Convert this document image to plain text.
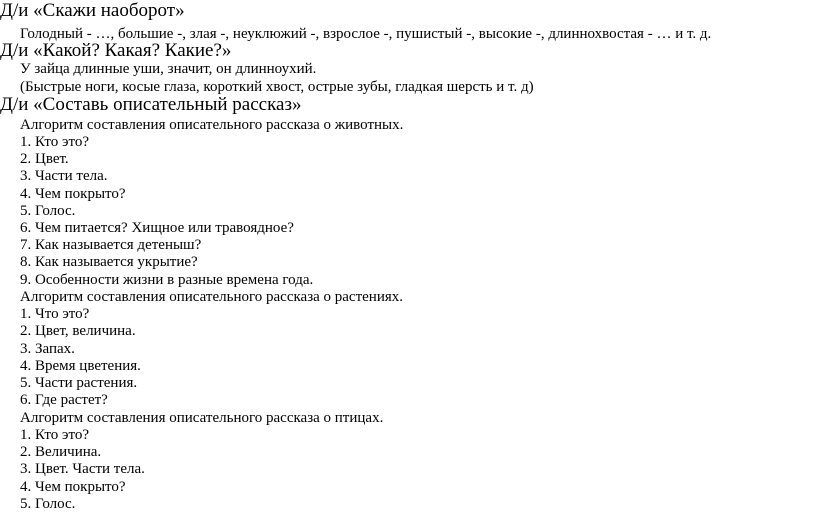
Д/и «Скажи наоборот»
Голодный - …, большие -, злая -, неуклюжий -, взрослое -, пушистый -, высокие -, длиннохвостая - … и т. д.
Д/и «Какой? Какая? Какие?»
У зайца длинные уши, значит, он длинноухий.
(Быстрые ноги, косые глаза, короткий хвост, острые зубы, гладкая шерсть и т. д)
Д/и «Составь описательный рассказ»
Алгоритм составления описательного рассказа о животных.
1. Кто это?
2. Цвет.
3. Части тела.
4. Чем покрыто?
5. Голос.
6. Чем питается? Хищное или травоядное?
7. Как называется детеныш?
8. Как называется укрытие?
9. Особенности жизни в разные времена года.
Алгоритм составления описательного рассказа о растениях.
1. Что это?
2. Цвет, величина.
3. Запах.
4. Время цветения.
5. Части растения.
6. Где растет?
Алгоритм составления описательного рассказа о птицах.
1. Кто это?
2. Величина.
3. Цвет. Части тела.
4. Чем покрыто?
5. Голос.
